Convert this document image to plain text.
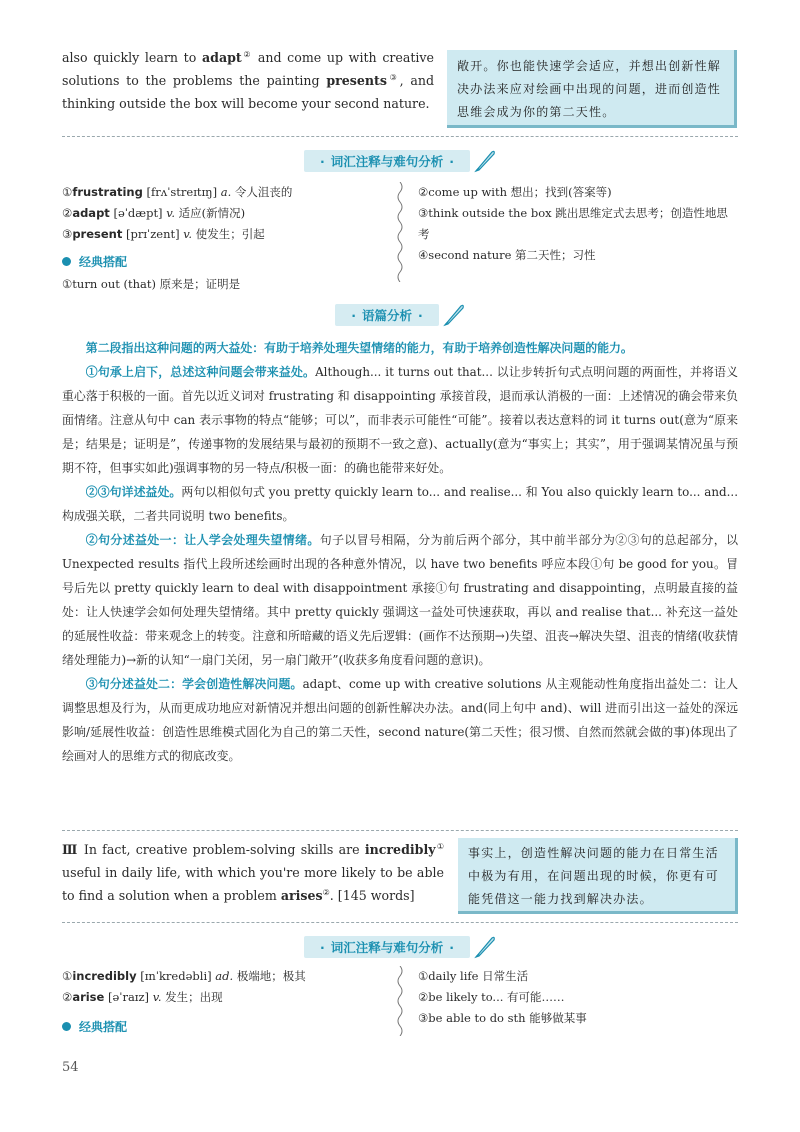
also quickly learn to adapt② and come up with creative solutions to the problems the painting presents③, and thinking outside the box will become your second nature.
敞开。你也能快速学会适应，并想出创新性解决办法来应对绘画中出现的问题，进而创造性思维会成为你的第二天性。
· 词汇注释与难句分析 ·
①frustrating [frʌˈstreɪtɪŋ] a. 令人沮丧的
②adapt [əˈdæpt] v. 适应(新情况)
③present [prɪˈzent] v. 使发生；引起
②come up with 想出；找到(答案等)
③think outside the box 跳出思维定式去思考；创造性地思考
④second nature 第二天性；习性
经典搭配
①turn out (that) 原来是；证明是
· 语篇分析 ·
第二段指出这种问题的两大益处：有助于培养处理失望情绪的能力，有助于培养创造性解决问题的能力。
①句承上启下，总述这种问题会带来益处。Although... it turns out that... 以让步转折句式点明问题的两面性，并将语义重心落于积极的一面。首先以近义词对 frustrating 和 disappointing 承接首段，退而承认消极的一面：上述情况的确会带来负面情绪。注意从句中 can 表示事物的特点“能够；可以”，而非表示可能性“可能”。接着以表达意料的词 it turns out(意为“原来是；结果是；证明是”，传递事物的发展结果与最初的预期不一致之意)、actually(意为“事实上；其实”，用于强调某情况虽与预期不符，但事实如此)强调事物的另一特点/积极一面：的确也能带来好处。
②③句详述益处。两句以相似句式 you pretty quickly learn to... and realise... 和 You also quickly learn to... and... 构成强关联，二者共同说明 two benefits。
②句分述益处一：让人学会处理失望情绪。句子以冒号相隔，分为前后两个部分，其中前半部分为②③句的总起部分，以 Unexpected results 指代上段所述绘画时出现的各种意外情况，以 have two benefits 呼应本段①句 be good for you。冒号后先以 pretty quickly learn to deal with disappointment 承接①句 frustrating and disappointing，点明最直接的益处：让人快速学会如何处理失望情绪。其中 pretty quickly 强调这一益处可快速获取，再以 and realise that... 补充这一益处的延展性收益：带来观念上的转变。注意和所暗藏的语义先后逻辑：(画作不达预期→)失望、沮丧→解决失望、沮丧的情绪(收获情绪处理能力)→新的认知“一扇门关闭，另一扇门敞开”(收获多角度看问题的意识)。
③句分述益处二：学会创造性解决问题。adapt、come up with creative solutions 从主观能动性角度指出益处二：让人调整思想及行为，从而更成功地应对新情况并想出问题的创新性解决办法。and(同上句中 and)、will 进而引出这一益处的深远影响/延展性收益：创造性思维模式固化为自己的第二天性，second nature(第二天性；很习惯、自然而然就会做的事)体现出了绘画对人的思维方式的彻底改变。
Ⅲ In fact, creative problem-solving skills are incredibly① useful in daily life, with which you're more likely to be able to find a solution when a problem arises②. [145 words]
事实上，创造性解决问题的能力在日常生活中极为有用，在问题出现的时候，你更有可能凭借这一能力找到解决办法。
· 词汇注释与难句分析 ·
①incredibly [ɪnˈkredəbli] ad. 极端地；极其
②arise [əˈraɪz] v. 发生；出现
①daily life 日常生活
②be likely to... 有可能……
③be able to do sth 能够做某事
经典搭配
54
